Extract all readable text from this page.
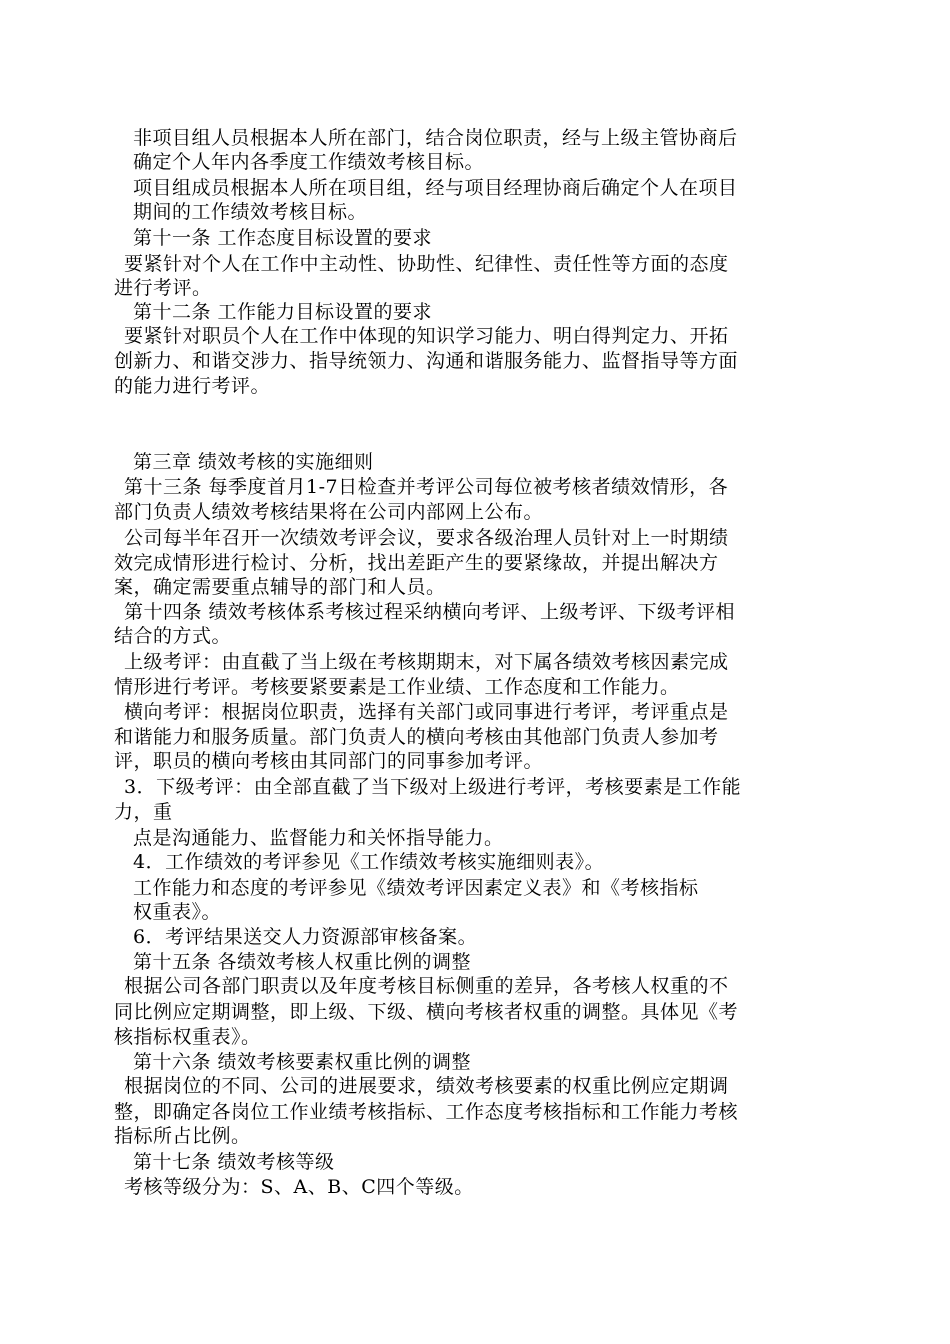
非项目组人员根据本人所在部门，结合岗位职责，经与上级主管协商后
确定个人年内各季度工作绩效考核目标。
项目组成员根据本人所在项目组，经与项目经理协商后确定个人在项目
期间的工作绩效考核目标。
第十一条 工作态度目标设置的要求
要紧针对个人在工作中主动性、协助性、纪律性、责任性等方面的态度
进行考评。
第十二条 工作能力目标设置的要求
要紧针对职员个人在工作中体现的知识学习能力、明白得判定力、开拓
创新力、和谐交涉力、指导统领力、沟通和谐服务能力、监督指导等方面
的能力进行考评。
第三章 绩效考核的实施细则
第十三条 每季度首月1-7日检查并考评公司每位被考核者绩效情形，各
部门负责人绩效考核结果将在公司内部网上公布。
公司每半年召开一次绩效考评会议，要求各级治理人员针对上一时期绩
效完成情形进行检讨、分析，找出差距产生的要紧缘故，并提出解决方
案，确定需要重点辅导的部门和人员。
第十四条 绩效考核体系考核过程采纳横向考评、上级考评、下级考评相
结合的方式。
上级考评：由直截了当上级在考核期期末，对下属各绩效考核因素完成
情形进行考评。考核要紧要素是工作业绩、工作态度和工作能力。
横向考评：根据岗位职责，选择有关部门或同事进行考评，考评重点是
和谐能力和服务质量。部门负责人的横向考核由其他部门负责人参加考
评，职员的横向考核由其同部门的同事参加考评。
3．下级考评：由全部直截了当下级对上级进行考评，考核要素是工作能
力，重
点是沟通能力、监督能力和关怀指导能力。
4．工作绩效的考评参见《工作绩效考核实施细则表》。
工作能力和态度的考评参见《绩效考评因素定义表》和《考核指标
权重表》。
6．考评结果送交人力资源部审核备案。
第十五条 各绩效考核人权重比例的调整
根据公司各部门职责以及年度考核目标侧重的差异，各考核人权重的不
同比例应定期调整，即上级、下级、横向考核者权重的调整。具体见《考
核指标权重表》。
第十六条 绩效考核要素权重比例的调整
根据岗位的不同、公司的进展要求，绩效考核要素的权重比例应定期调
整，即确定各岗位工作业绩考核指标、工作态度考核指标和工作能力考核
指标所占比例。
第十七条 绩效考核等级
考核等级分为：S、A、B、C四个等级。
